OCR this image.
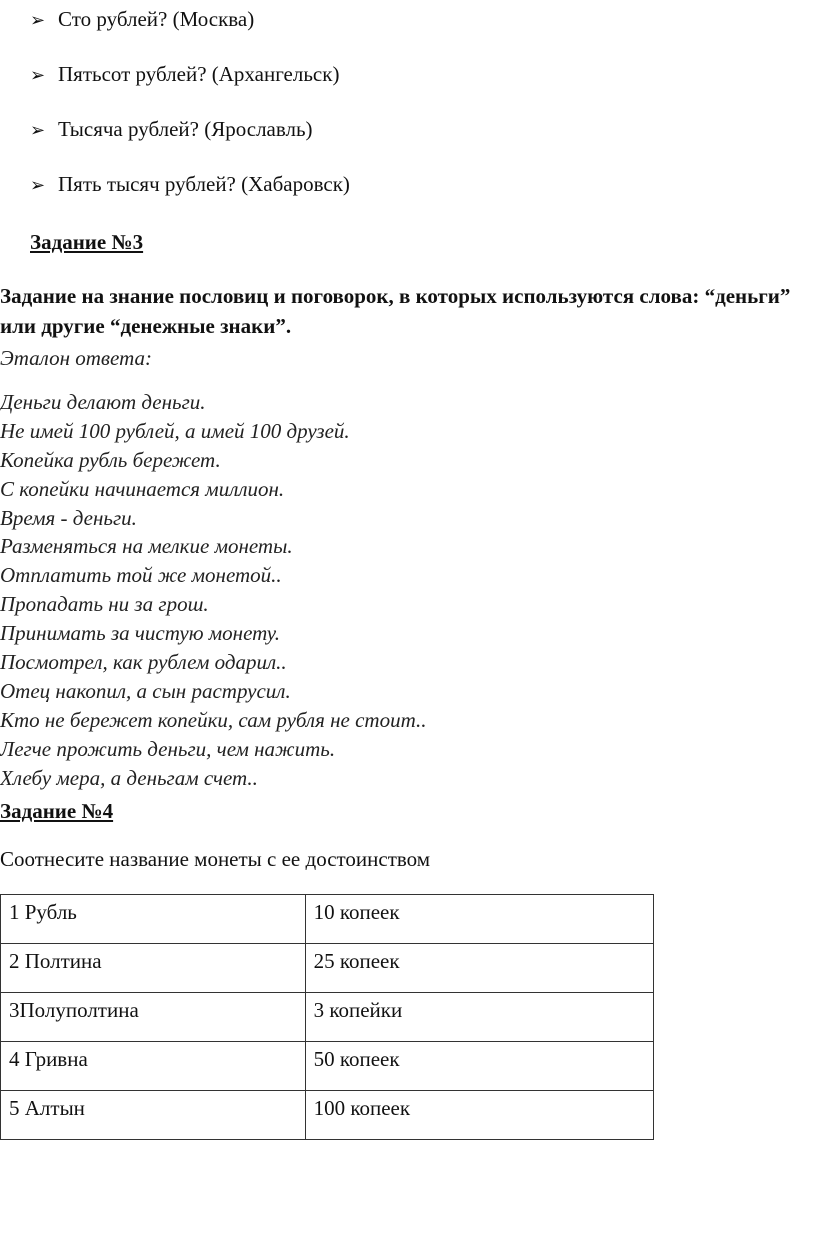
➢ Сто рублей? (Москва)
➢ Пятьсот рублей? (Архангельск)
➢ Тысяча рублей? (Ярославль)
➢ Пять тысяч рублей? (Хабаровск)
Задание №3
Задание на знание пословиц и поговорок, в которых используются слова: “деньги” или другие “денежные знаки”.
Эталон ответа:
Деньги делают деньги.
Не имей 100 рублей, а имей 100 друзей.
Копейка рубль бережет.
С копейки начинается миллион.
Время - деньги.
Разменяться на мелкие монеты.
Отплатить той же монетой..
Пропадать ни за грош.
Принимать за чистую монету.
Посмотрел, как рублем одарил..
Отец накопил, а сын раструсил.
Кто не бережет копейки, сам рубля не стоит..
Легче прожить деньги, чем нажить.
Хлебу мера, а деньгам счет..
Задание №4
Соотнесите название монеты с ее достоинством
1 Рубль	10 копеек
2 Полтина	25 копеек
3Полуполтина	3 копейки
4 Гривна	50 копеек
5 Алтын	100 копеек
